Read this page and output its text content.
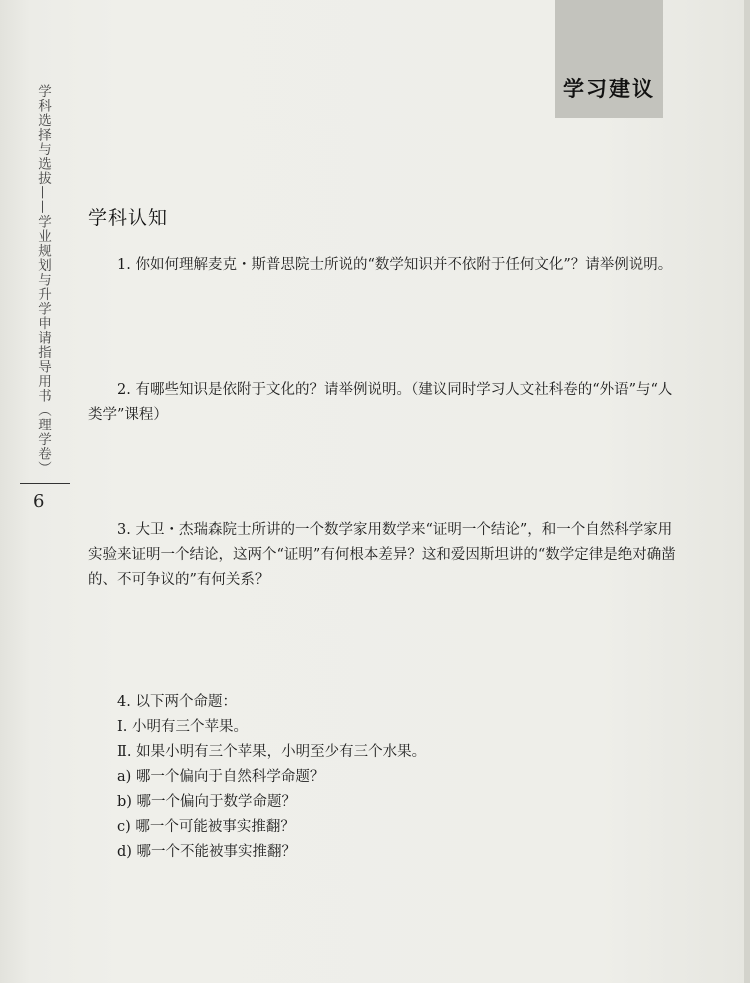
学习建议
学科选择与选拔——学业规划与升学申请指导用书（理学卷）
6
学科认知
1. 你如何理解麦克・斯普思院士所说的“数学知识并不依附于任何文化”？请举例说明。
2. 有哪些知识是依附于文化的？请举例说明。（建议同时学习人文社科卷的“外语”与“人类学”课程）
3. 大卫・杰瑞森院士所讲的一个数学家用数学来“证明一个结论”，和一个自然科学家用实验来证明一个结论，这两个“证明”有何根本差异？这和爱因斯坦讲的“数学定律是绝对确凿的、不可争议的”有何关系？
4. 以下两个命题：
Ⅰ. 小明有三个苹果。
Ⅱ. 如果小明有三个苹果，小明至少有三个水果。
a) 哪一个偏向于自然科学命题？
b) 哪一个偏向于数学命题？
c) 哪一个可能被事实推翻？
d) 哪一个不能被事实推翻？
